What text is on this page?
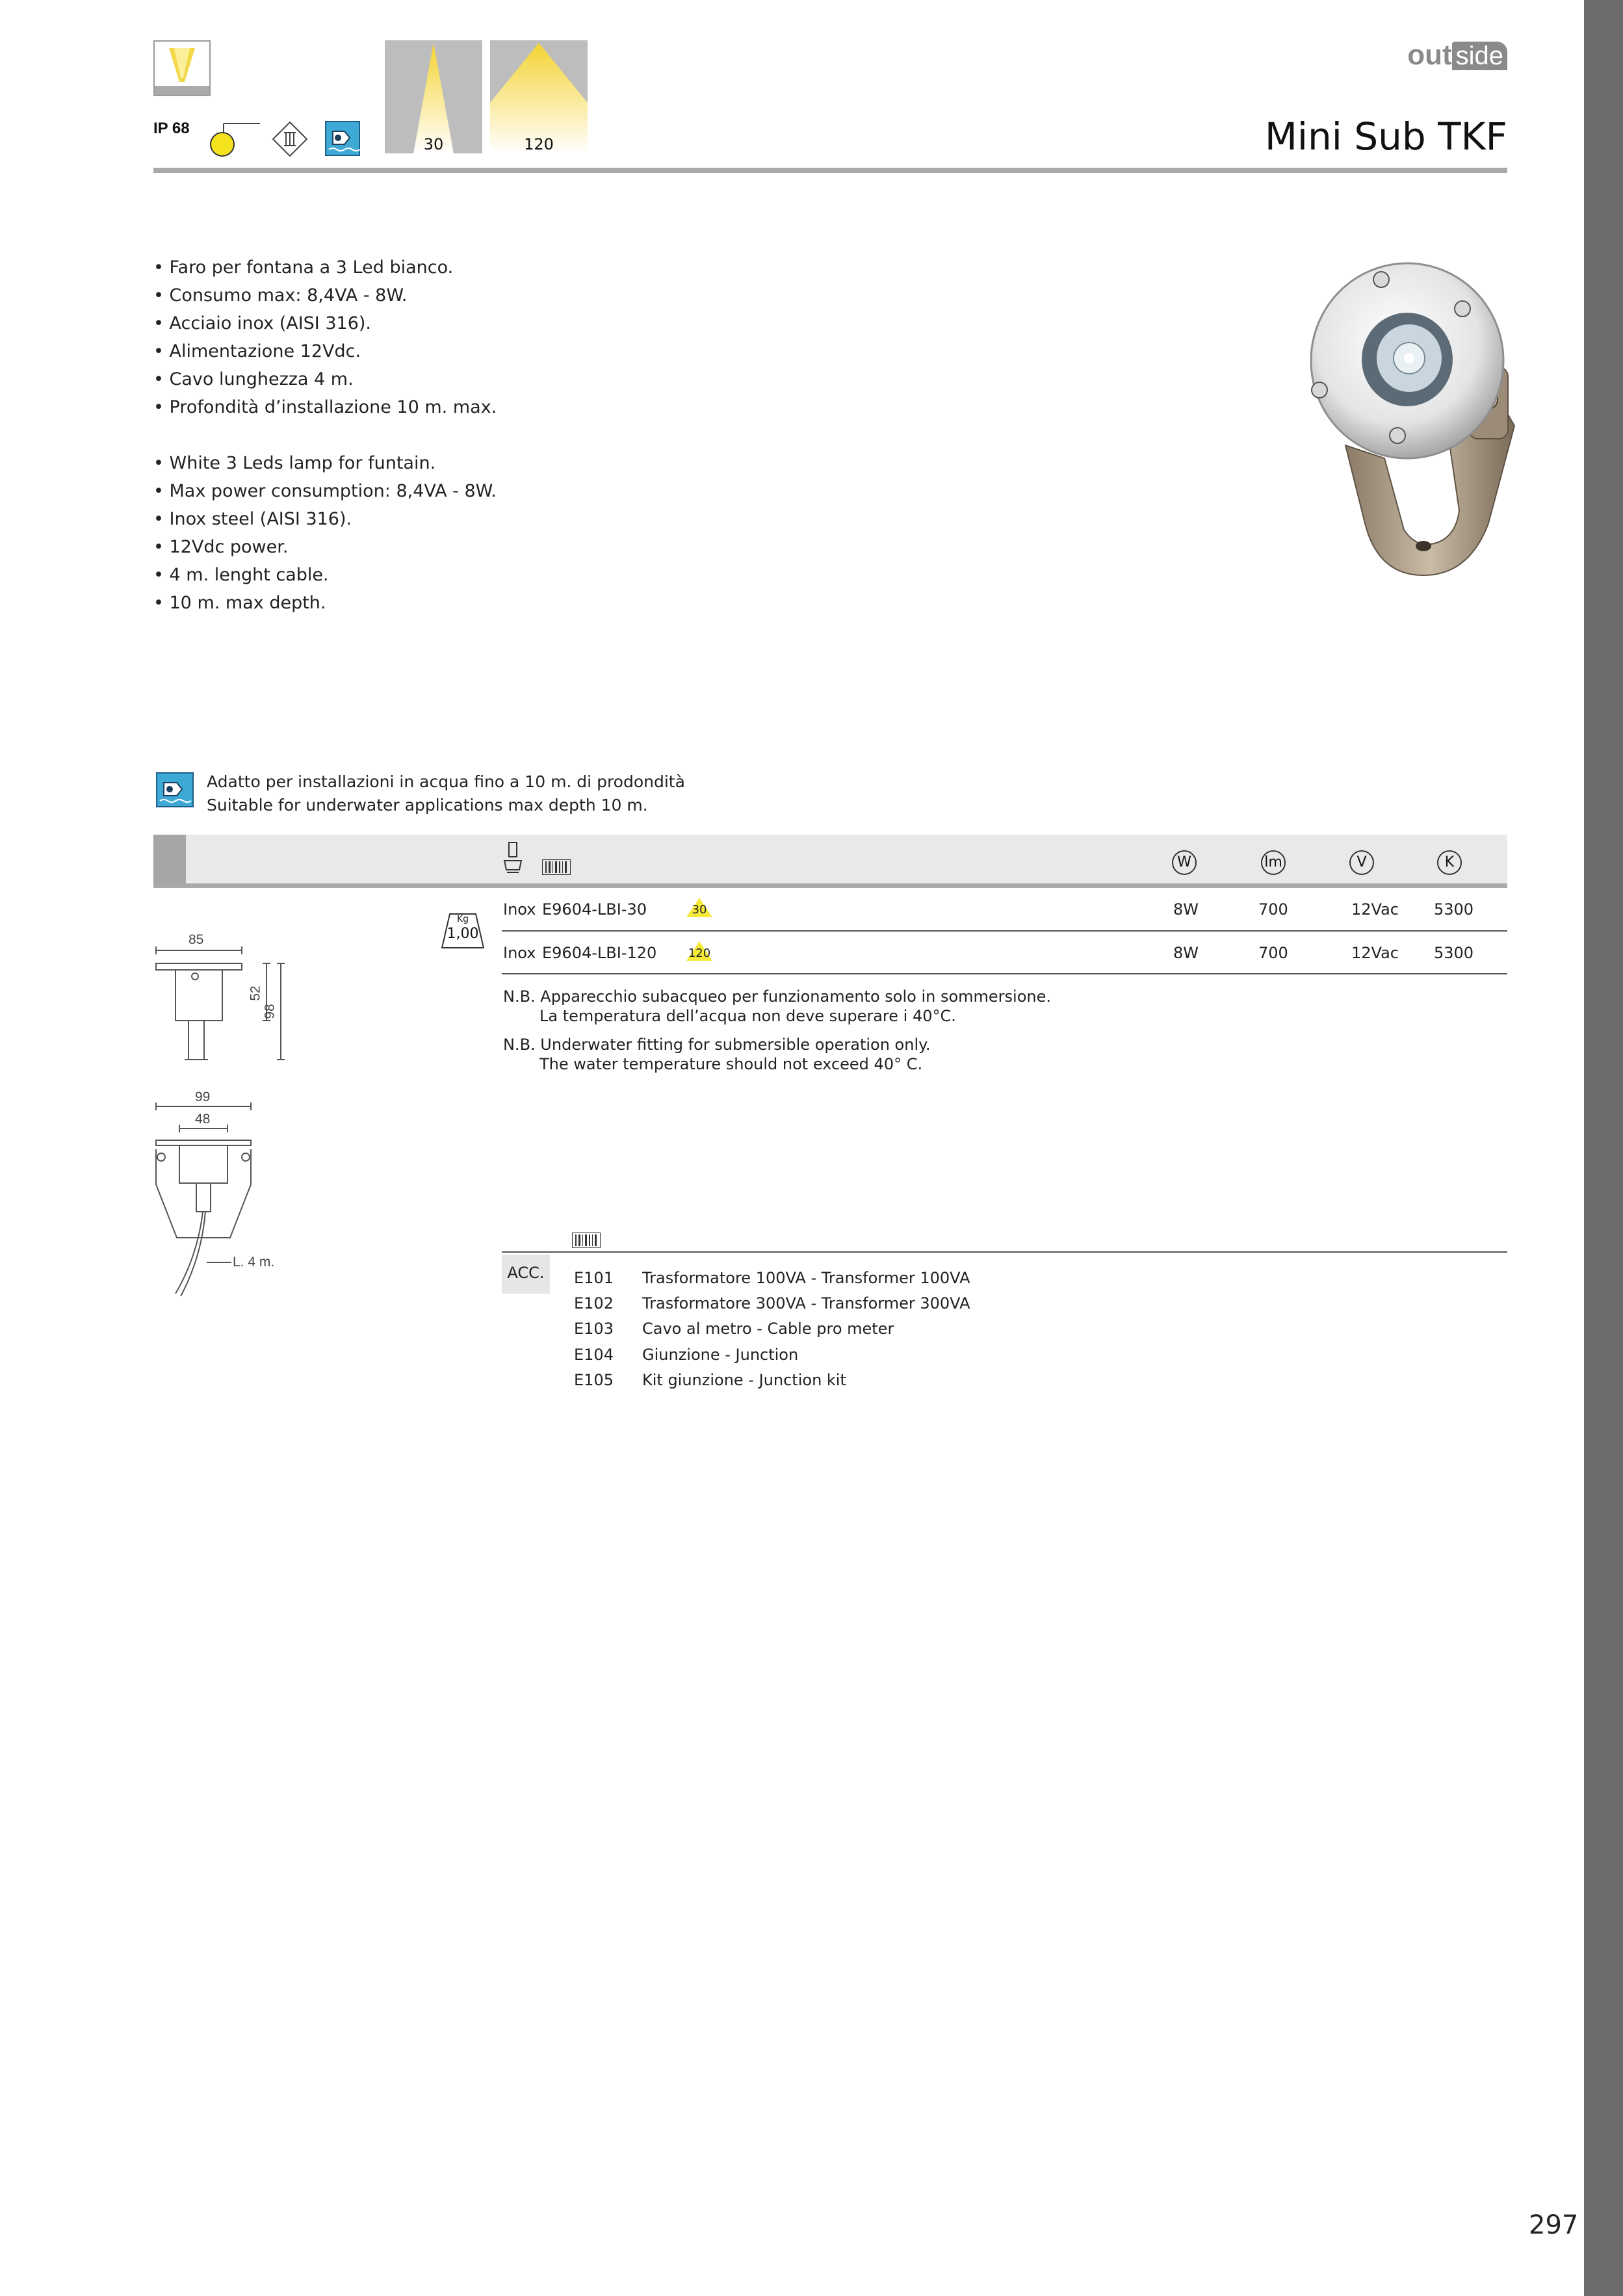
IP 68
30	120
out side
Mini Sub TKF
• Faro per fontana a 3 Led bianco.
• Consumo max: 8,4VA - 8W.
• Acciaio inox (AISI 316).
• Alimentazione 12Vdc.
• Cavo lunghezza 4 m.
• Profondità d’installazione 10 m. max.
• White 3 Leds lamp for funtain.
• Max power consumption: 8,4VA - 8W.
• Inox steel (AISI 316).
• 12Vdc power.
• 4 m. lenght cable.
• 10 m. max depth.
Adatto per installazioni in acqua fino a 10 m. di prodondità
Suitable for underwater applications max depth 10 m.
W	lm	V	K
Kg
1,00
Inox E9604-LBI-30	30	8W	700	12Vac 5300
Inox E9604-LBI-120	120	8W	700	12Vac 5300
N.B. Apparecchio subacqueo per funzionamento solo in sommersione.
La temperatura dell’acqua non deve superare i 40°C.
N.B. Underwater fitting for submersible operation only.
The water temperature should not exceed 40° C.
85
52
98
99
48
L. 4 m.
ACC.	E101 Trasformatore 100VA - Transformer 100VA
E102 Trasformatore 300VA - Transformer 300VA
E103 Cavo al metro - Cable pro meter
E104 Giunzione - Junction
E105 Kit giunzione - Junction kit
297
